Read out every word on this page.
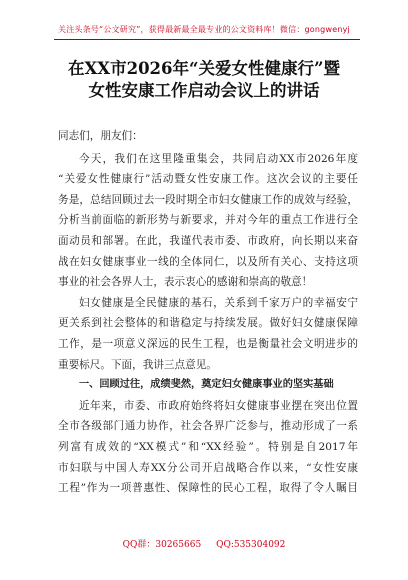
关注头条号“公文研究”，获得最新最全最专业的公文资料库！微信：gongwenyj
在XX市2026年“关爱女性健康行”暨
女性安康工作启动会议上的讲话

同志们，朋友们：

今天，我们在这里隆重集会，共同启动XX市2026年度
“关爱女性健康行”活动暨女性安康工作。这次会议的主要任
务是，总结回顾过去一段时期全市妇女健康工作的成效与经验，
分析当前面临的新形势与新要求，并对今年的重点工作进行全
面动员和部署。在此，我谨代表市委、市政府，向长期以来奋
战在妇女健康事业一线的全体同仁，以及所有关心、支持这项
事业的社会各界人士，表示衷心的感谢和崇高的敬意！

妇女健康是全民健康的基石，关系到千家万户的幸福安宁
更关系到社会整体的和谐稳定与持续发展。做好妇女健康保障
工作，是一项意义深远的民生工程，也是衡量社会文明进步的
重要标尺。下面，我讲三点意见。

一、回顾过往，成绩斐然，奠定妇女健康事业的坚实基础

近年来，市委、市政府始终将妇女健康事业摆在突出位置
全市各级部门通力协作，社会各界广泛参与，推动形成了一系
列富有成效的“XX模式”和“XX经验”。特别是自2017年
市妇联与中国人寿XX分公司开启战略合作以来，“女性安康
工程”作为一项普惠性、保障性的民心工程，取得了令人瞩目

QQ群：30265665 QQ:535304092
